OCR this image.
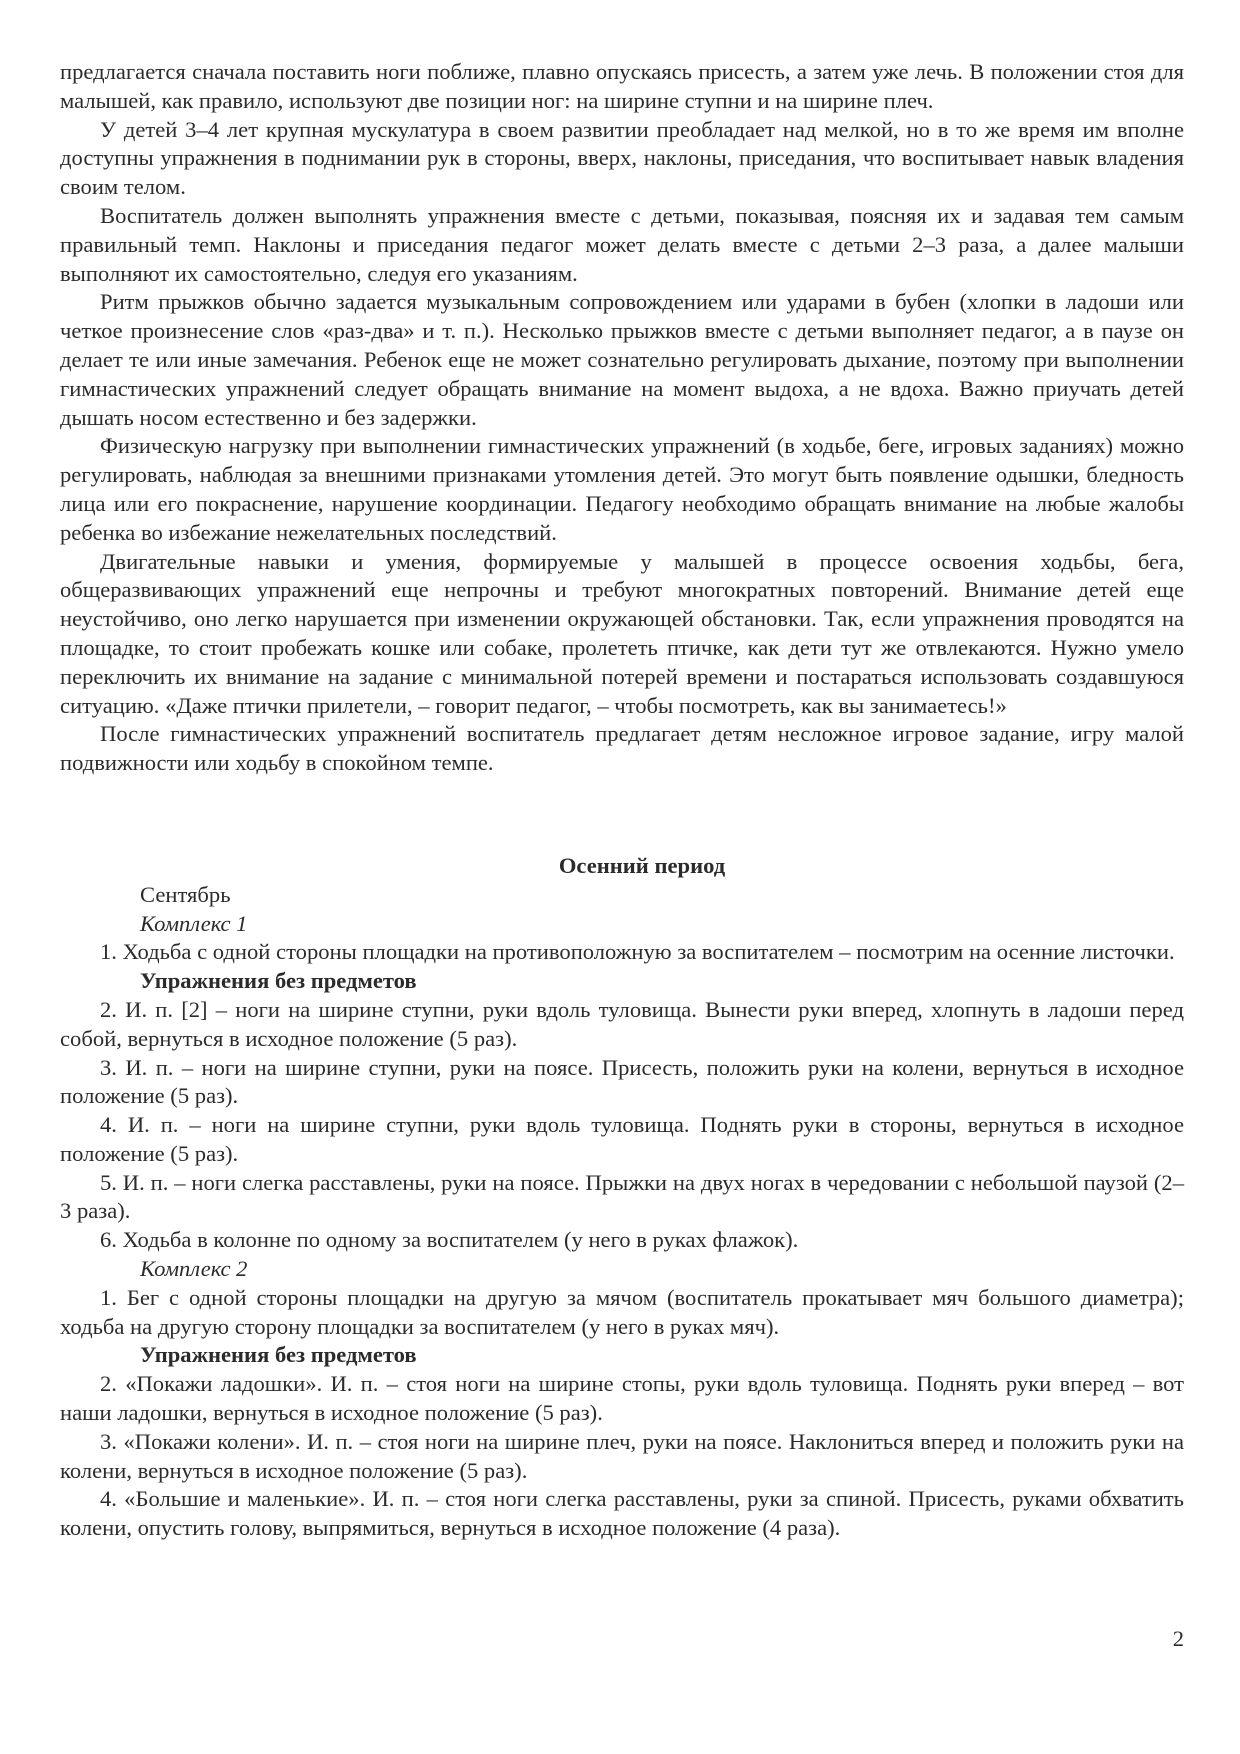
предлагается сначала поставить ноги поближе, плавно опускаясь присесть, а затем уже лечь. В положении стоя для малышей, как правило, используют две позиции ног: на ширине ступни и на ширине плеч.

У детей 3–4 лет крупная мускулатура в своем развитии преобладает над мелкой, но в то же время им вполне доступны упражнения в поднимании рук в стороны, вверх, наклоны, приседания, что воспитывает навык владения своим телом.

Воспитатель должен выполнять упражнения вместе с детьми, показывая, поясняя их и задавая тем самым правильный темп. Наклоны и приседания педагог может делать вместе с детьми 2–3 раза, а далее малыши выполняют их самостоятельно, следуя его указаниям.

Ритм прыжков обычно задается музыкальным сопровождением или ударами в бубен (хлопки в ладоши или четкое произнесение слов «раз-два» и т. п.). Несколько прыжков вместе с детьми выполняет педагог, а в паузе он делает те или иные замечания. Ребенок еще не может сознательно регулировать дыхание, поэтому при выполнении гимнастических упражнений следует обращать внимание на момент выдоха, а не вдоха. Важно приучать детей дышать носом естественно и без задержки.

Физическую нагрузку при выполнении гимнастических упражнений (в ходьбе, беге, игровых заданиях) можно регулировать, наблюдая за внешними признаками утомления детей. Это могут быть появление одышки, бледность лица или его покраснение, нарушение координации. Педагогу необходимо обращать внимание на любые жалобы ребенка во избежание нежелательных последствий.

Двигательные навыки и умения, формируемые у малышей в процессе освоения ходьбы, бега, общеразвивающих упражнений еще непрочны и требуют многократных повторений. Внимание детей еще неустойчиво, оно легко нарушается при изменении окружающей обстановки. Так, если упражнения проводятся на площадке, то стоит пробежать кошке или собаке, пролететь птичке, как дети тут же отвлекаются. Нужно умело переключить их внимание на задание с минимальной потерей времени и постараться использовать создавшуюся ситуацию. «Даже птички прилетели, – говорит педагог, – чтобы посмотреть, как вы занимаетесь!»

После гимнастических упражнений воспитатель предлагает детям несложное игровое задание, игру малой подвижности или ходьбу в спокойном темпе.

Осенний период

Сентябрь

Комплекс 1

1. Ходьба с одной стороны площадки на противоположную за воспитателем – посмотрим на осенние листочки.

Упражнения без предметов

2. И. п. [2] – ноги на ширине ступни, руки вдоль туловища. Вынести руки вперед, хлопнуть в ладоши перед собой, вернуться в исходное положение (5 раз).

3. И. п. – ноги на ширине ступни, руки на поясе. Присесть, положить руки на колени, вернуться в исходное положение (5 раз).

4. И. п. – ноги на ширине ступни, руки вдоль туловища. Поднять руки в стороны, вернуться в исходное положение (5 раз).

5. И. п. – ноги слегка расставлены, руки на поясе. Прыжки на двух ногах в чередовании с небольшой паузой (2–3 раза).

6. Ходьба в колонне по одному за воспитателем (у него в руках флажок).

Комплекс 2

1. Бег с одной стороны площадки на другую за мячом (воспитатель прокатывает мяч большого диаметра); ходьба на другую сторону площадки за воспитателем (у него в руках мяч).

Упражнения без предметов

2. «Покажи ладошки». И. п. – стоя ноги на ширине стопы, руки вдоль туловища. Поднять руки вперед – вот наши ладошки, вернуться в исходное положение (5 раз).

3. «Покажи колени». И. п. – стоя ноги на ширине плеч, руки на поясе. Наклониться вперед и положить руки на колени, вернуться в исходное положение (5 раз).

4. «Большие и маленькие». И. п. – стоя ноги слегка расставлены, руки за спиной. Присесть, руками обхватить колени, опустить голову, выпрямиться, вернуться в исходное положение (4 раза).

2
